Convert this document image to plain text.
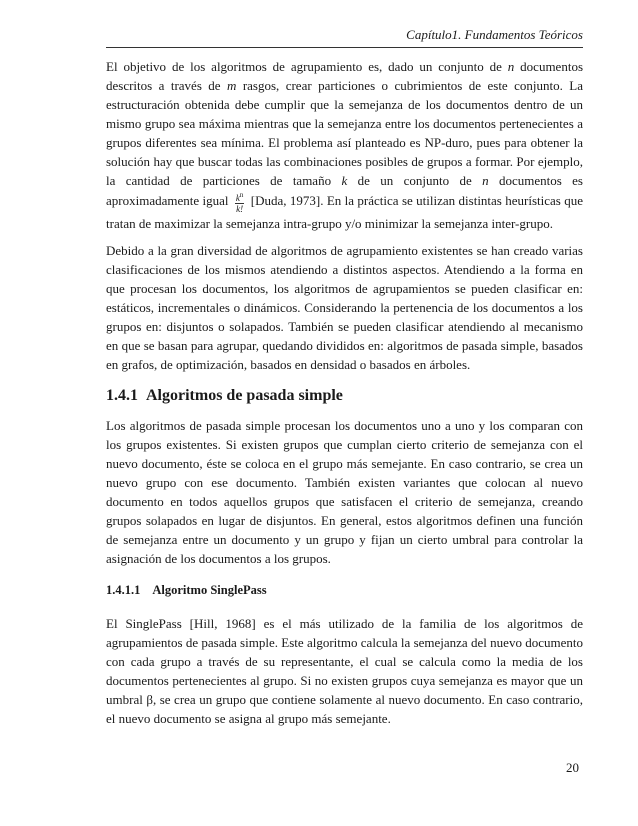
Capítulo1. Fundamentos Teóricos

El objetivo de los algoritmos de agrupamiento es, dado un conjunto de n documentos descritos a través de m rasgos, crear particiones o cubrimientos de este conjunto. La estructuración obtenida debe cumplir que la semejanza de los documentos dentro de un mismo grupo sea máxima mientras que la semejanza entre los documentos pertenecientes a grupos diferentes sea mínima. El problema así planteado es NP-duro, pues para obtener la solución hay que buscar todas las combinaciones posibles de grupos a formar. Por ejemplo, la cantidad de particiones de tamaño k de un conjunto de n documentos es aproximadamente igual $\frac{k^n}{k!}$ [Duda, 1973]. En la práctica se utilizan distintas heurísticas que tratan de maximizar la semejanza intra-grupo y/o minimizar la semejanza inter-grupo.

Debido a la gran diversidad de algoritmos de agrupamiento existentes se han creado varias clasificaciones de los mismos atendiendo a distintos aspectos. Atendiendo a la forma en que procesan los documentos, los algoritmos de agrupamientos se pueden clasificar en: estáticos, incrementales o dinámicos. Considerando la pertenencia de los documentos a los grupos en: disjuntos o solapados. También se pueden clasificar atendiendo al mecanismo en que se basan para agrupar, quedando divididos en: algoritmos de pasada simple, basados en grafos, de optimización, basados en densidad o basados en árboles.

1.4.1 Algoritmos de pasada simple

Los algoritmos de pasada simple procesan los documentos uno a uno y los comparan con los grupos existentes. Si existen grupos que cumplan cierto criterio de semejanza con el nuevo documento, éste se coloca en el grupo más semejante. En caso contrario, se crea un nuevo grupo con ese documento. También existen variantes que colocan al nuevo documento en todos aquellos grupos que satisfacen el criterio de semejanza, creando grupos solapados en lugar de disjuntos. En general, estos algoritmos definen una función de semejanza entre un documento y un grupo y fijan un cierto umbral para controlar la asignación de los documentos a los grupos.

1.4.1.1 Algoritmo SinglePass

El SinglePass [Hill, 1968] es el más utilizado de la familia de los algoritmos de agrupamientos de pasada simple. Este algoritmo calcula la semejanza del nuevo documento con cada grupo a través de su representante, el cual se calcula como la media de los documentos pertenecientes al grupo. Si no existen grupos cuya semejanza es mayor que un umbral β, se crea un grupo que contiene solamente al nuevo documento. En caso contrario, el nuevo documento se asigna al grupo más semejante.

20
